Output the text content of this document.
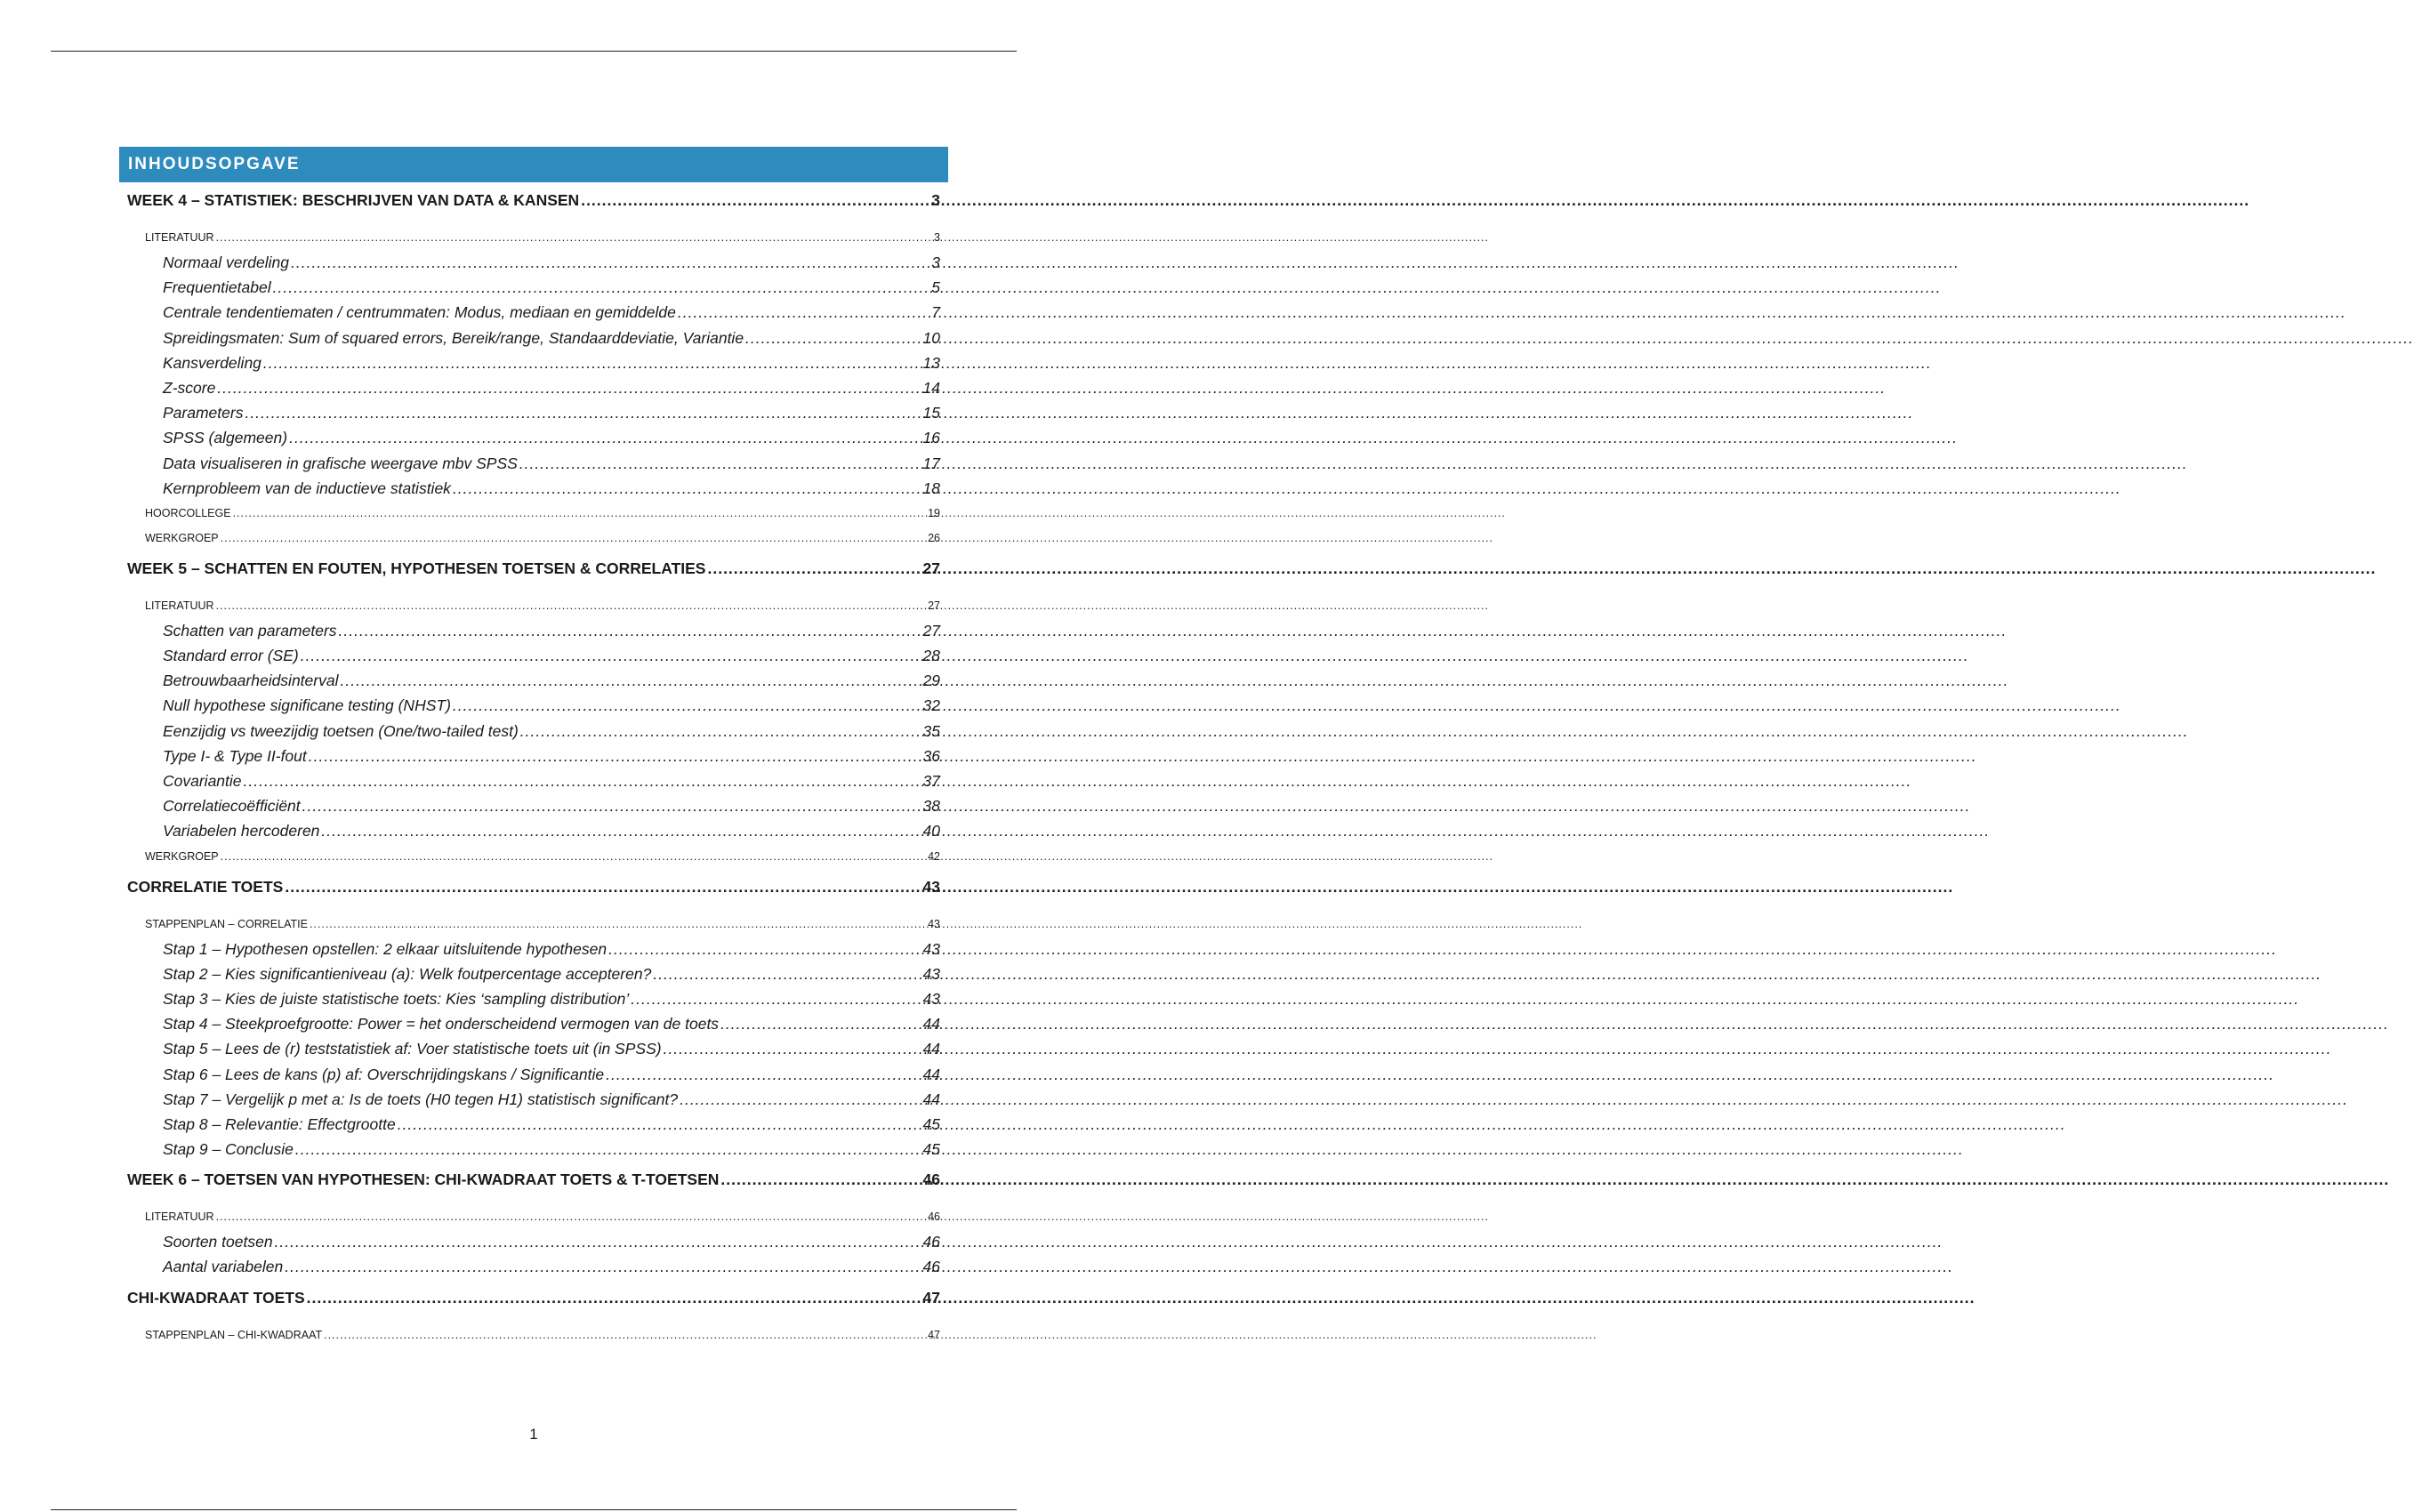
INHOUDSOPGAVE
WEEK 4 – STATISTIEK: BESCHRIJVEN VAN DATA & KANSEN .....	3
LITERATUUR .....	3
Normaal verdeling .....	3
Frequentietabel .....	5
Centrale tendentiematen / centrummaten: Modus, mediaan en gemiddelde .....	7
Spreidingsmaten: Sum of squared errors, Bereik/range, Standaarddeviatie, Variantie .....	10
Kansverdeling .....	13
Z-score .....	14
Parameters .....	15
SPSS (algemeen) .....	16
Data visualiseren in grafische weergave mbv SPSS .....	17
Kernprobleem van de inductieve statistiek .....	18
HOORCOLLEGE .....	19
WERKGROEP .....	26
WEEK 5 – SCHATTEN EN FOUTEN, HYPOTHESEN TOETSEN & CORRELATIES .....	27
LITERATUUR .....	27
Schatten van parameters .....	27
Standard error (SE) .....	28
Betrouwbaarheidsinterval .....	29
Null hypothese significane testing (NHST) .....	32
Eenzijdig vs tweezijdig toetsen (One/two-tailed test) .....	35
Type I- & Type II-fout .....	36
Covariantie .....	37
Correlatiecoëfficiënt .....	38
Variabelen hercoderen .....	40
WERKGROEP .....	42
CORRELATIE TOETS .....	43
STAPPENPLAN – CORRELATIE .....	43
Stap 1 – Hypothesen opstellen: 2 elkaar uitsluitende hypothesen .....	43
Stap 2 – Kies significantieniveau (a): Welk foutpercentage accepteren? .....	43
Stap 3 – Kies de juiste statistische toets: Kies ‘sampling distribution’ .....	43
Stap 4 – Steekproefgrootte: Power = het onderscheidend vermogen van de toets .....	44
Stap 5 – Lees de (r) teststatistiek af: Voer statistische toets uit (in SPSS) .....	44
Stap 6 – Lees de kans (p) af: Overschrijdingskans / Significantie .....	44
Stap 7 – Vergelijk p met a: Is de toets (H0 tegen H1) statistisch significant? .....	44
Stap 8 – Relevantie: Effectgrootte .....	45
Stap 9 – Conclusie .....	45
WEEK 6 – TOETSEN VAN HYPOTHESEN: CHI-KWADRAAT TOETS & T-TOETSEN .....	46
LITERATUUR .....	46
Soorten toetsen .....	46
Aantal variabelen .....	46
CHI-KWADRAAT TOETS .....	47
STAPPENPLAN – CHI-KWADRAAT .....	47
1
